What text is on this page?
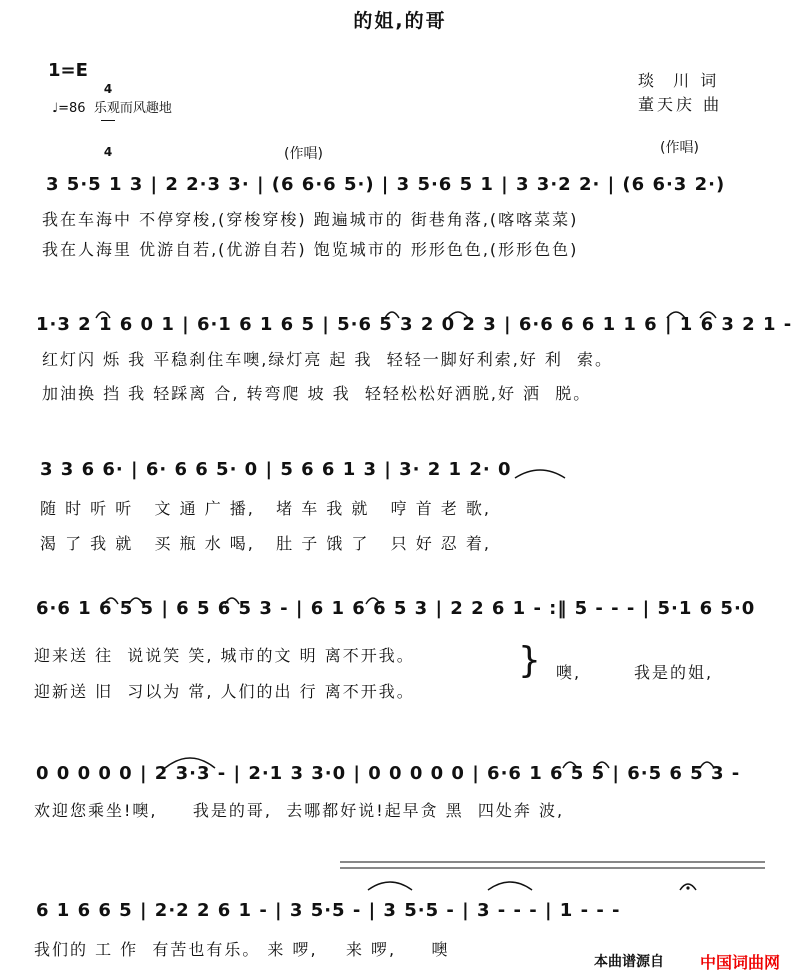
的姐,的哥
1=E

4

4

♩=86  乐观而风趣地
琰  川 词
董天庆 曲
(作唱)	(作唱)
3 5·5 1 3 | 2 2·3 3· | (6 6·6 5·) | 3 5·6 5 1 | 3 3·2 2· | (6 6·3 2·)
我在车海中 不停穿梭,(穿梭穿梭) 跑遍城市的 街巷角落,(喀喀菜菜)
我在人海里 优游自若,(优游自若) 饱览城市的 形形色色,(形形色色)
1·3 2 1 6 0 1 | 6·1 6 1 6 5 | 5·6 5 3 2 0 2 3 | 6·6 6 6 1 1 6 | 1 6 3 2 1 -
红灯闪 烁 我 平稳刹住车噢,绿灯亮 起 我  轻轻一脚好利索,好 利  索。
加油换 挡 我 轻踩离 合, 转弯爬 坡 我  轻轻松松好洒脱,好 洒  脱。
3 3 6 6· | 6· 6 6 5· 0 | 5 6 6 1 3 | 3· 2 1 2· 0
随 时 听 听   文 通 广 播,   堵 车 我 就   哼 首 老 歌,
渴 了 我 就   买 瓶 水 喝,   肚 子 饿 了   只 好 忍 着,
6·6 1 6 5 5 | 6 5 6 5 3 - | 6 1 6 6 5 3 | 2 2 6 1 - :‖ 5 - - - | 5·1 6 5·0
迎来送 往  说说笑 笑, 城市的文 明 离不开我。
迎新送 旧  习以为 常, 人们的出 行 离不开我。
} 噢,	我是的姐,
0 0 0 0 0 | 2 3·3 - | 2·1 3 3·0 | 0 0 0 0 0 | 6·6 1 6 5 5 | 6·5 6 5 3 -
欢迎您乘坐!噢,     我是的哥,  去哪都好说!起早贪 黑  四处奔 波,
6 1 6 6 5 | 2·2 2 6 1 - | 3 5·5 - | 3 5·5 - | 3 - - - | 1 - - -
我们的 工 作  有苦也有乐。 来 啰,    来 啰,     噢
本曲谱源自 中国词曲网
